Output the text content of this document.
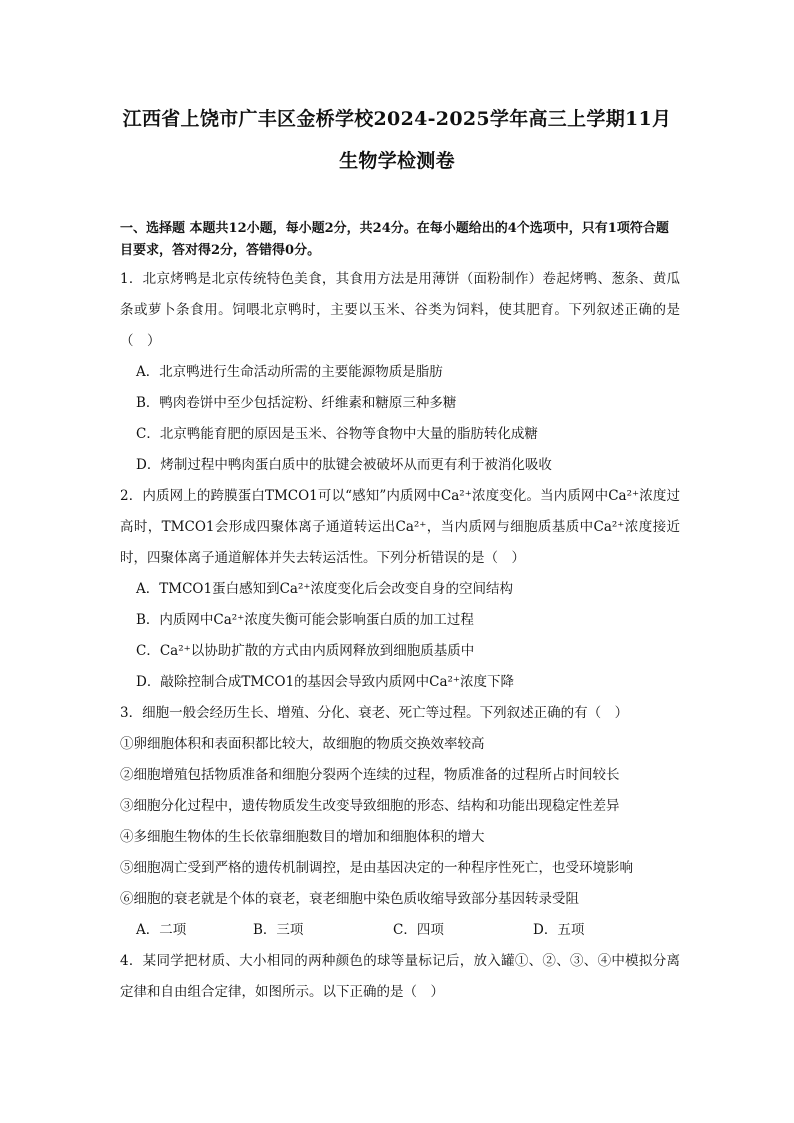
江西省上饶市广丰区金桥学校2024-2025学年高三上学期11月
生物学检测卷
一、选择题 本题共12小题，每小题2分，共24分。在每小题给出的4个选项中，只有1项符合题目要求，答对得2分，答错得0分。

1．北京烤鸭是北京传统特色美食，其食用方法是用薄饼（面粉制作）卷起烤鸭、葱条、黄瓜条或萝卜条食用。饲喂北京鸭时，主要以玉米、谷类为饲料，使其肥育。下列叙述正确的是（　）

A．北京鸭进行生命活动所需的主要能源物质是脂肪

B．鸭肉卷饼中至少包括淀粉、纤维素和糖原三种多糖

C．北京鸭能育肥的原因是玉米、谷物等食物中大量的脂肪转化成糖

D．烤制过程中鸭肉蛋白质中的肽键会被破坏从而更有利于被消化吸收

2．内质网上的跨膜蛋白TMCO1可以“感知”内质网中Ca²⁺浓度变化。当内质网中Ca²⁺浓度过高时，TMCO1会形成四聚体离子通道转运出Ca²⁺，当内质网与细胞质基质中Ca²⁺浓度接近时，四聚体离子通道解体并失去转运活性。下列分析错误的是（　）

A．TMCO1蛋白感知到Ca²⁺浓度变化后会改变自身的空间结构

B．内质网中Ca²⁺浓度失衡可能会影响蛋白质的加工过程

C．Ca²⁺以协助扩散的方式由内质网释放到细胞质基质中

D．敲除控制合成TMCO1的基因会导致内质网中Ca²⁺浓度下降

3．细胞一般会经历生长、增殖、分化、衰老、死亡等过程。下列叙述正确的有（　）

①卵细胞体积和表面积都比较大，故细胞的物质交换效率较高

②细胞增殖包括物质准备和细胞分裂两个连续的过程，物质准备的过程所占时间较长

③细胞分化过程中，遗传物质发生改变导致细胞的形态、结构和功能出现稳定性差异

④多细胞生物体的生长依靠细胞数目的增加和细胞体积的增大

⑤细胞凋亡受到严格的遗传机制调控，是由基因决定的一种程序性死亡，也受环境影响

⑥细胞的衰老就是个体的衰老，衰老细胞中染色质收缩导致部分基因转录受阻

A．二项	B．三项	C．四项	D．五项

4．某同学把材质、大小相同的两种颜色的球等量标记后，放入罐①、②、③、④中模拟分离定律和自由组合定律，如图所示。以下正确的是（　）
